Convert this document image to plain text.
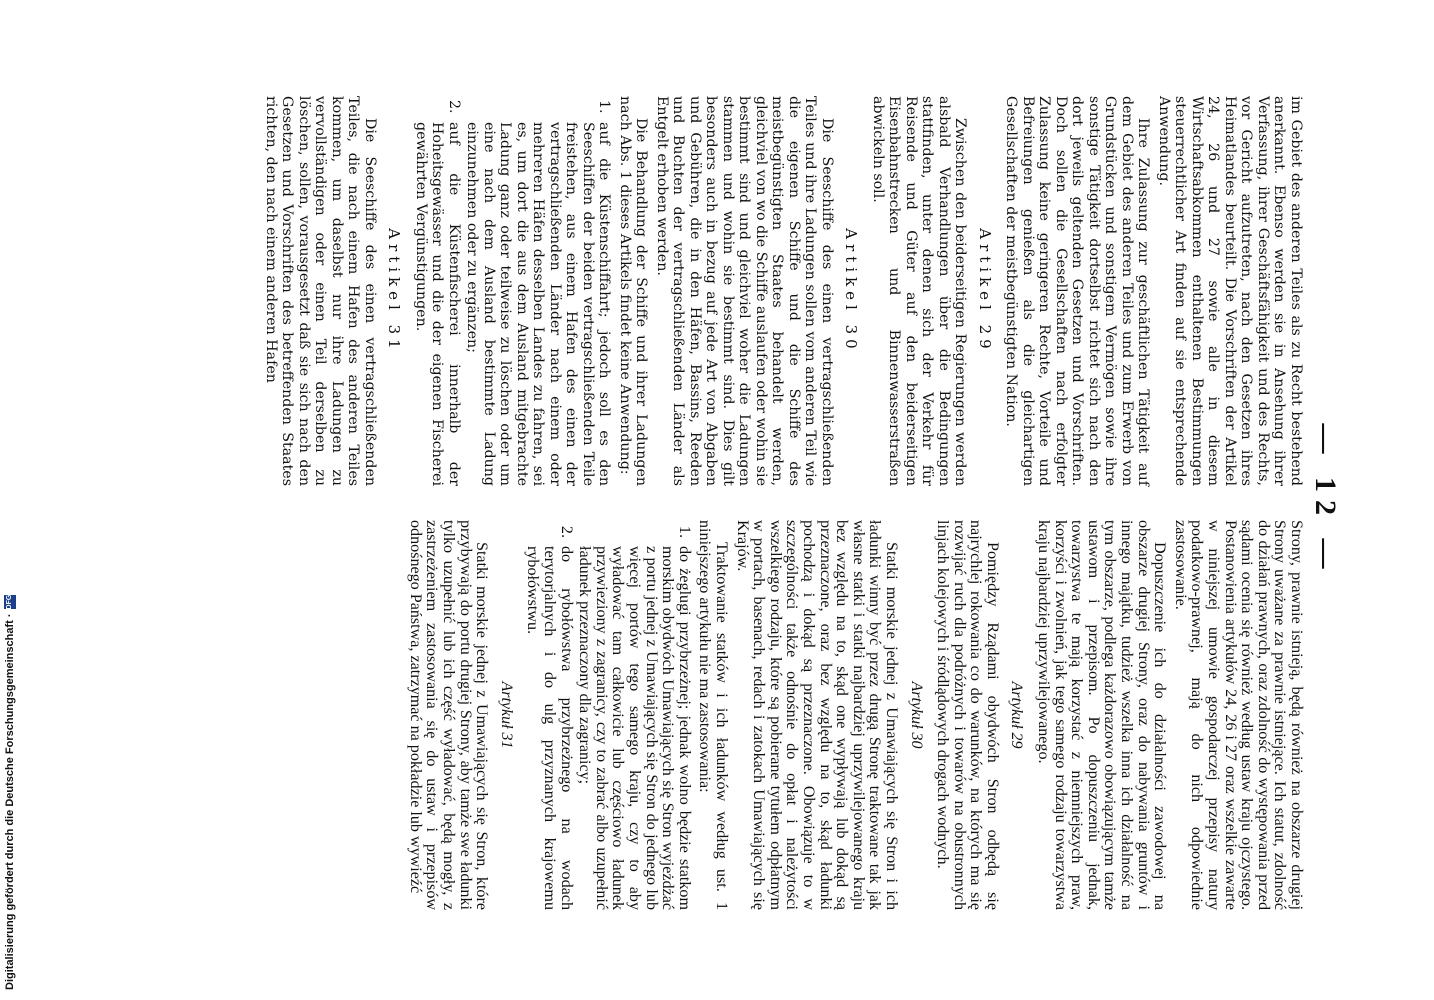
— 12 —

im Gebiet des anderen Teiles als zu Recht bestehend anerkannt. Ebenso werden sie in Ansehung ihrer Verfassung, ihrer Geschäftsfähigkeit und des Rechts, vor Gericht aufzutreten, nach den Gesetzen ihres Heimatlandes beurteilt. Die Vorschriften der Artikel 24, 26 und 27 sowie alle in diesem Wirtschaftsabkommen enthaltenen Bestimmungen steuerrechtlicher Art finden auf sie entsprechende Anwendung.

Ihre Zulassung zur geschäftlichen Tätigkeit auf dem Gebiet des anderen Teiles und zum Erwerb von Grundstücken und sonstigem Vermögen sowie ihre sonstige Tätigkeit dortselbst richtet sich nach den dort jeweils geltenden Gesetzen und Vorschriften. Doch sollen die Gesellschaften nach erfolgter Zulassung keine geringeren Rechte, Vorteile und Befreiungen genießen als die gleichartigen Gesellschaften der meistbegünstigten Nation.

Artikel 29

Zwischen den beiderseitigen Regierungen werden alsbald Verhandlungen über die Bedingungen stattfinden, unter denen sich der Verkehr für Reisende und Güter auf den beiderseitigen Eisenbahnstrecken und Binnenwasserstraßen abwickeln soll.

Artikel 30

Die Seeschiffe des einen vertragschließenden Teiles und ihre Ladungen sollen vom anderen Teil wie die eigenen Schiffe und die Schiffe des meistbegünstigten Staates behandelt werden, gleichviel von wo die Schiffe auslaufen oder wohin sie bestimmt sind und gleichviel woher die Ladungen stammen und wohin sie bestimmt sind. Dies gilt besonders auch in bezug auf jede Art von Abgaben und Gebühren, die in den Häfen, Bassins, Reeden und Buchten der vertragschließenden Länder als Entgelt erhoben werden.

Die Behandlung der Schiffe und ihrer Ladungen nach Abs. 1 dieses Artikels findet keine Anwendung:

1. auf die Küstenschiffahrt; jedoch soll es den Seeschiffen der beiden vertragschließenden Teile freistehen, aus einem Hafen des einen der vertragschließenden Länder nach einem oder mehreren Häfen desselben Landes zu fahren, sei es, um dort die aus dem Ausland mitgebrachte Ladung ganz oder teilweise zu löschen oder um eine nach dem Ausland bestimmte Ladung einzunehmen oder zu ergänzen;
2. auf die Küstenfischerei innerhalb der Hoheitsgewässer und die der eigenen Fischerei gewährten Vergünstigungen.
Artikel 31

Die Seeschiffe des einen vertragschließenden Teiles, die nach einem Hafen des anderen Teiles kommen, um daselbst nur ihre Ladungen zu vervollständigen oder einen Teil derselben zu löschen, sollen, vorausgesetzt daß sie sich nach den Gesetzen und Vorschriften des betreffenden Staates richten, den nach einem anderen Hafen

Strony, prawnie istnieją, będą również na obszarze drugiej Strony uważane za prawnie istniejące. Ich statut, zdolność do działań prawnych, oraz zdolność do występowania przed sądami ocenia się również według ustaw kraju ojczystego. Postanowienia artykułów 24, 26 i 27 oraz wszelkie zawarte w niniejszej umowie gospodarczej przepisy natury podatkowo-prawnej, mają do nich odpowiednie zastosowanie.

Dopuszczenie ich do działalności zawodowej na obszarze drugiej Strony, oraz do nabywania gruntów i innego majątku, tudzież wszelka inna ich działalność na tym obszarze, podlega każdorazowo obowiązującym tamże ustawom i przepisom. Po dopuszczeniu jednak, towarzystwa te mają korzystać z niemniejszych praw, korzyści i zwolnień, jak tego samego rodzaju towarzystwa kraju najbardziej uprzywilejowanego.

Artykuł 29

Pomiędzy Rządami obydwóch Stron odbędą się najrychlej rokowania co do warunków, na których ma się rozwijać ruch dla podróżnych i towarów na obustronnych linjach kolejowych i śródlądowych drogach wodnych.

Artykuł 30

Statki morskie jednej z Umawiających się Stron i ich ładunki winny być przez drugą Stronę traktowane tak jak własne statki i statki najbardziej uprzywilejowanego kraju bez względu na to, skąd one wypływają lub dokąd są przeznaczone, oraz bez względu na to, skąd ładunki pochodzą i dokąd są przeznaczone. Obowiązuje to w szczególności także odnośnie do opłat i należytości wszelkiego rodzaju, które są pobierane tytułem odpłatnym w portach, basenach, redach i zatokach Umawiających się Krajów.

Traktowanie statków i ich ładunków według ust. 1 niniejszego artykułu nie ma zastosowania:

1. do żeglugi przybrzeżnej; jednak wolno będzie statkom morskim obydwóch Umawiających się Stron wyjeżdżać z portu jednej z Umawiających się Stron do jednego lub więcej portów tego samego kraju, czy to aby wyładować tam całkowicie lub częściowo ładunek przywieziony z zagranicy, czy to zabrać albo uzupełnić ładunek przeznaczony dla zagranicy;
2. do rybołówstwa przybrzeżnego na wodach terytorjalnych i do ulg przyznanych krajowemu rybołówstwu.
Artykuł 31

Statki morskie jednej z Umawiających się Stron, które przybywają do portu drugiej Strony, aby tamże swe ładunki tylko uzupełnić lub ich część wyładować, będą mogły, z zastrzeżeniem zastosowania się do ustaw i przepisów odnośnego Państwa, zatrzymać na pokładzie lub wywieźć

Digitalisierung gefördert durch die Deutsche Forschungsgemeinschaft ·
DFG
